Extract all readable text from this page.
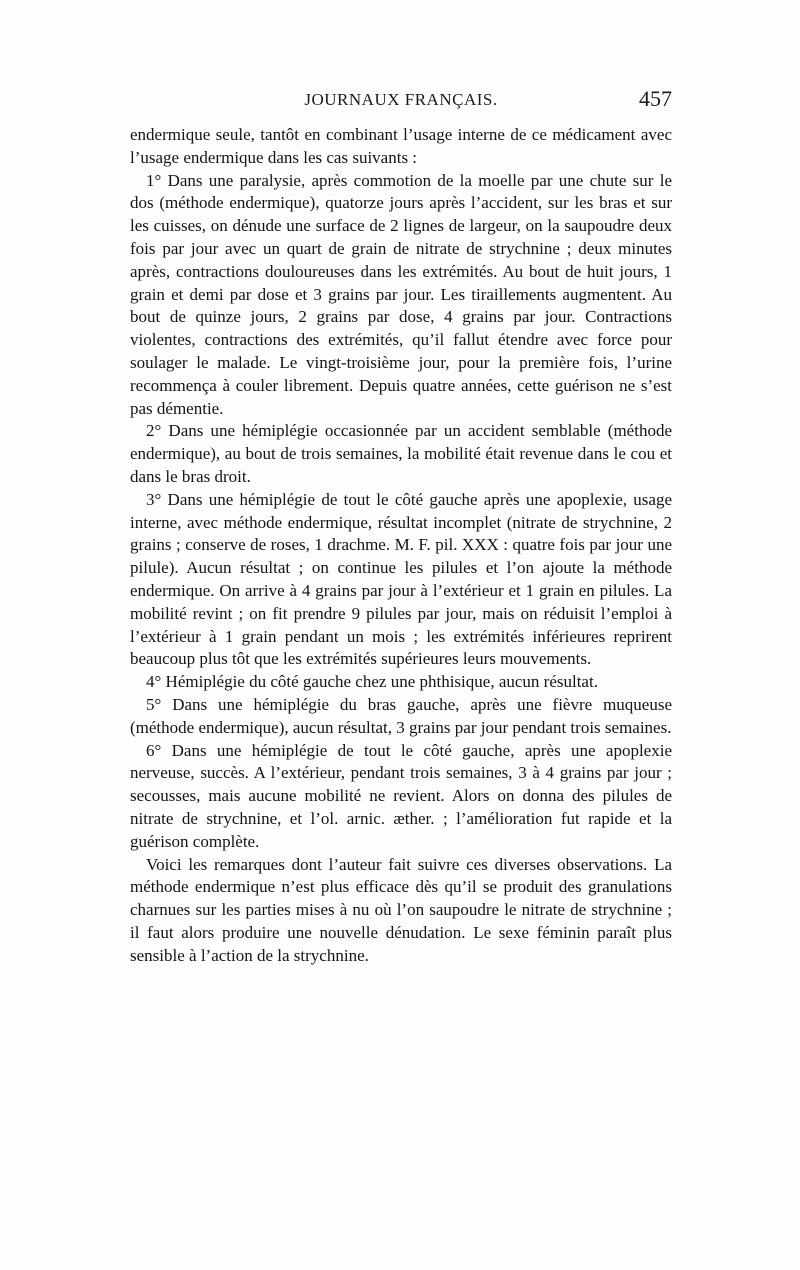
JOURNAUX FRANÇAIS.	457

endermique seule, tantôt en combinant l’usage interne de ce médicament avec l’usage endermique dans les cas suivants :

1° Dans une paralysie, après commotion de la moelle par une chute sur le dos (méthode endermique), quatorze jours après l’accident, sur les bras et sur les cuisses, on dénude une surface de 2 lignes de largeur, on la saupoudre deux fois par jour avec un quart de grain de nitrate de strychnine ; deux minutes après, contractions douloureuses dans les extrémités. Au bout de huit jours, 1 grain et demi par dose et 3 grains par jour. Les tiraillements augmentent. Au bout de quinze jours, 2 grains par dose, 4 grains par jour. Contractions violentes, contractions des extrémités, qu’il fallut étendre avec force pour soulager le malade. Le vingt-troisième jour, pour la première fois, l’urine recommença à couler librement. Depuis quatre années, cette guérison ne s’est pas démentie.

2° Dans une hémiplégie occasionnée par un accident semblable (méthode endermique), au bout de trois semaines, la mobilité était revenue dans le cou et dans le bras droit.

3° Dans une hémiplégie de tout le côté gauche après une apoplexie, usage interne, avec méthode endermique, résultat incomplet (nitrate de strychnine, 2 grains ; conserve de roses, 1 drachme. M. F. pil. XXX : quatre fois par jour une pilule). Aucun résultat ; on continue les pilules et l’on ajoute la méthode endermique. On arrive à 4 grains par jour à l’extérieur et 1 grain en pilules. La mobilité revint ; on fit prendre 9 pilules par jour, mais on réduisit l’emploi à l’extérieur à 1 grain pendant un mois ; les extrémités inférieures reprirent beaucoup plus tôt que les extrémités supérieures leurs mouvements.

4° Hémiplégie du côté gauche chez une phthisique, aucun résultat.

5° Dans une hémiplégie du bras gauche, après une fièvre muqueuse (méthode endermique), aucun résultat, 3 grains par jour pendant trois semaines.

6° Dans une hémiplégie de tout le côté gauche, après une apoplexie nerveuse, succès. A l’extérieur, pendant trois semaines, 3 à 4 grains par jour ; secousses, mais aucune mobilité ne revient. Alors on donna des pilules de nitrate de strychnine, et l’ol. arnic. æther. ; l’amélioration fut rapide et la guérison complète.

Voici les remarques dont l’auteur fait suivre ces diverses observations. La méthode endermique n’est plus efficace dès qu’il se produit des granulations charnues sur les parties mises à nu où l’on saupoudre le nitrate de strychnine ; il faut alors produire une nouvelle dénudation. Le sexe féminin paraît plus sensible à l’action de la strychnine.
